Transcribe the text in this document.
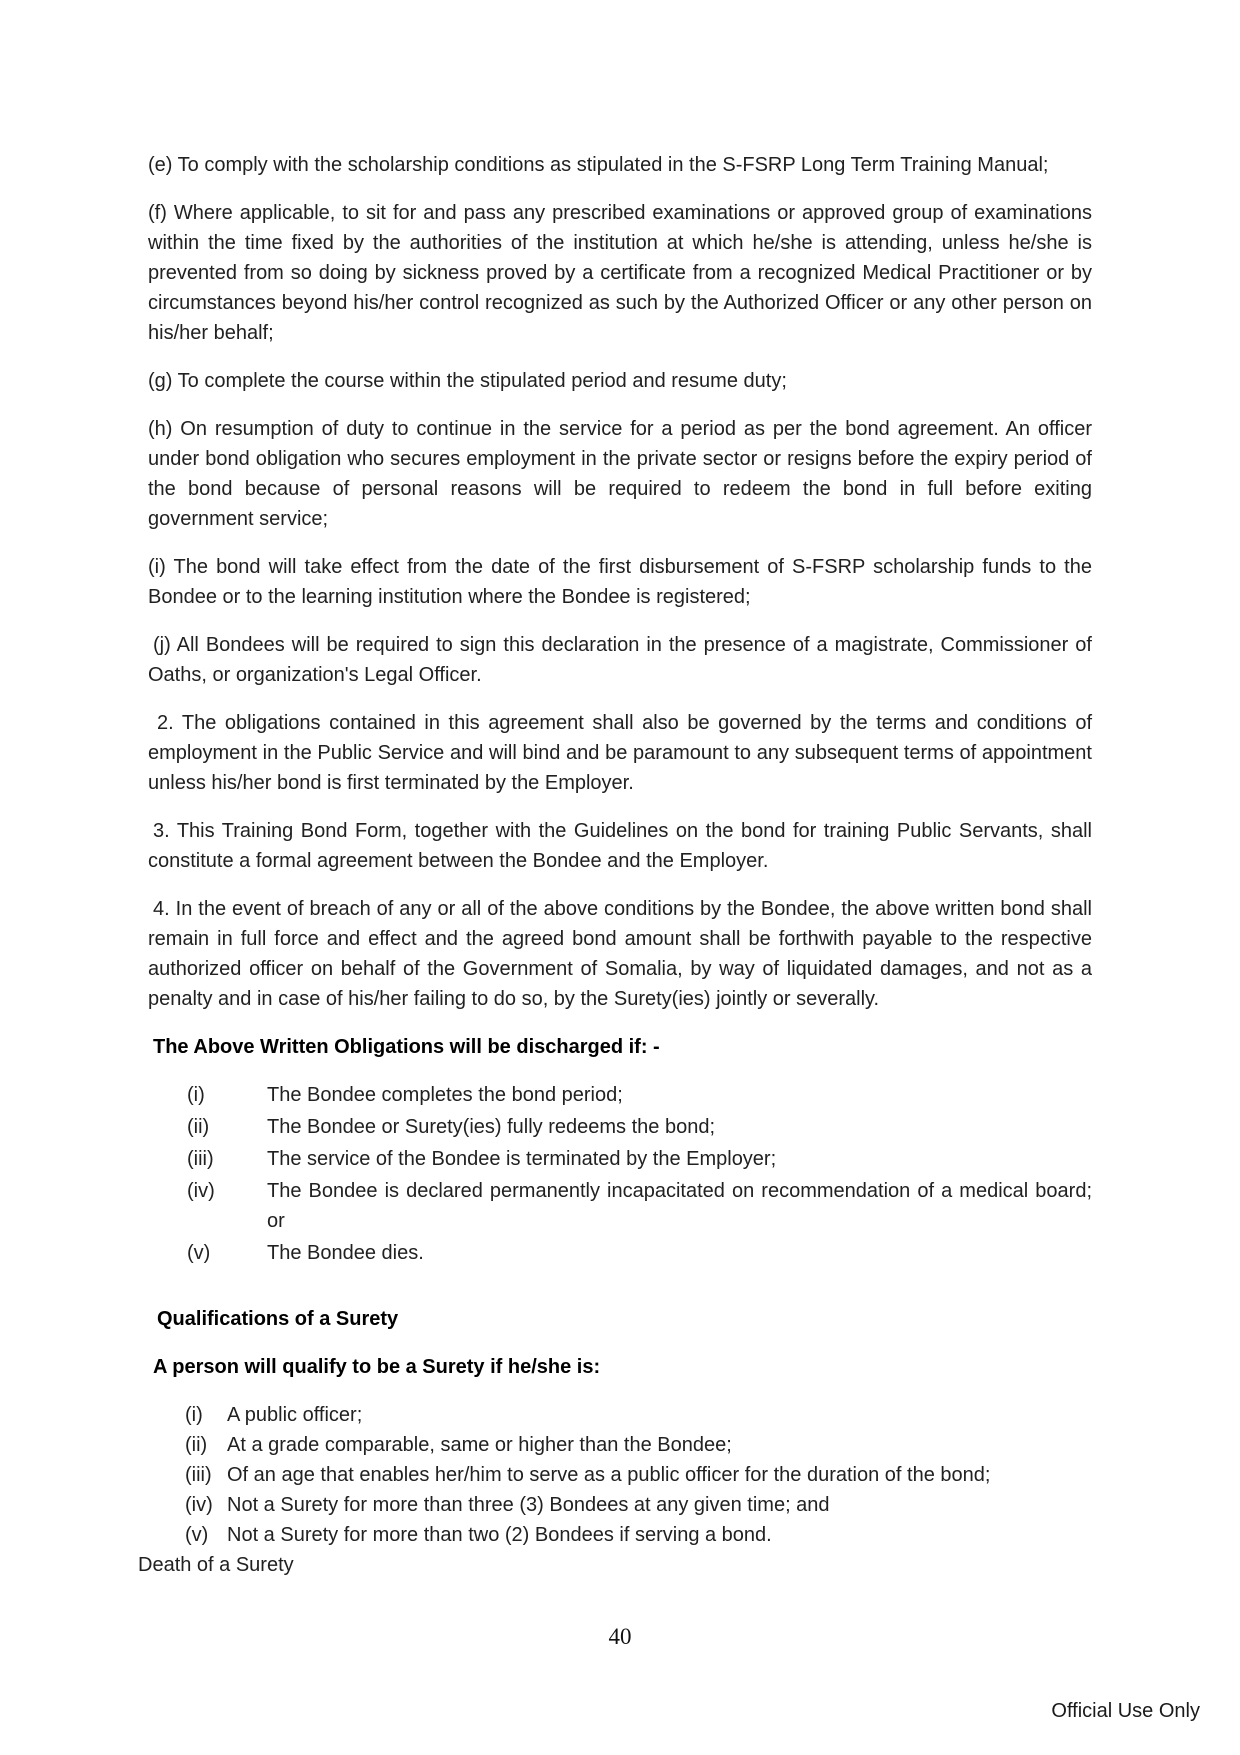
(e) To comply with the scholarship conditions as stipulated in the S-FSRP Long Term Training Manual;

(f) Where applicable, to sit for and pass any prescribed examinations or approved group of examinations within the time fixed by the authorities of the institution at which he/she is attending, unless he/she is prevented from so doing by sickness proved by a certificate from a recognized Medical Practitioner or by circumstances beyond his/her control recognized as such by the Authorized Officer or any other person on his/her behalf;

(g) To complete the course within the stipulated period and resume duty;

(h) On resumption of duty to continue in the service for a period as per the bond agreement. An officer under bond obligation who secures employment in the private sector or resigns before the expiry period of the bond because of personal reasons will be required to redeem the bond in full before exiting government service;

(i) The bond will take effect from the date of the first disbursement of S-FSRP scholarship funds to the Bondee or to the learning institution where the Bondee is registered;

(j) All Bondees will be required to sign this declaration in the presence of a magistrate, Commissioner of Oaths, or organization's Legal Officer.

2. The obligations contained in this agreement shall also be governed by the terms and conditions of employment in the Public Service and will bind and be paramount to any subsequent terms of appointment unless his/her bond is first terminated by the Employer.

3. This Training Bond Form, together with the Guidelines on the bond for training Public Servants, shall constitute a formal agreement between the Bondee and the Employer.

4. In the event of breach of any or all of the above conditions by the Bondee, the above written bond shall remain in full force and effect and the agreed bond amount shall be forthwith payable to the respective authorized officer on behalf of the Government of Somalia, by way of liquidated damages, and not as a penalty and in case of his/her failing to do so, by the Surety(ies) jointly or severally.

The Above Written Obligations will be discharged if: -

(i)	The Bondee completes the bond period;
(ii)	The Bondee or Surety(ies) fully redeems the bond;
(iii)	The service of the Bondee is terminated by the Employer;
(iv)	The Bondee is declared permanently incapacitated on recommendation of a medical board; or
(v)	The Bondee dies.

Qualifications of a Surety

A person will qualify to be a Surety if he/she is:

(i)	A public officer;
(ii) At a grade comparable, same or higher than the Bondee;
(iii) Of an age that enables her/him to serve as a public officer for the duration of the bond;
(iv) Not a Surety for more than three (3) Bondees at any given time; and
(v) Not a Surety for more than two (2) Bondees if serving a bond.

Death of a Surety

40
Official Use Only
